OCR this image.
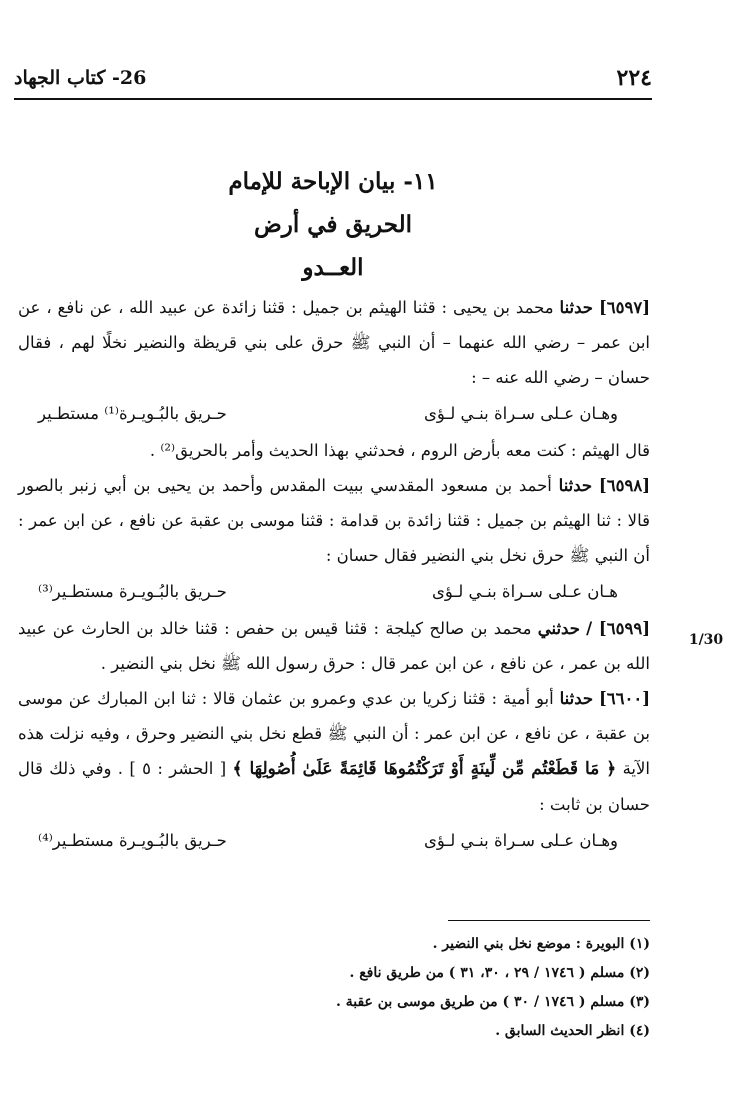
26- كتاب الجهاد	٢٢٤
١١- بيان الإباحة للإمام
الحريق في أرض
العــدو

[٦٥٩٧] حدثنا محمد بن يحيى : قثنا الهيثم بن جميل : قثنا زائدة عن عبيد الله ، عن نافع ، عن ابن عمر – رضي الله عنهما – أن النبي ﷺ حرق على بني قريظة والنضير نخلًا لهم ، فقال حسان – رضي الله عنه – :

وهـان عـلى سـراة بنـي لـؤى
حـريق بالبُـويـرة⁽¹⁾ مستطـير

قال الهيثم : كنت معه بأرض الروم ، فحدثني بهذا الحديث وأمر بالحريق⁽²⁾ .

[٦٥٩٨] حدثنا أحمد بن مسعود المقدسي ببيت المقدس وأحمد بن يحيى بن أبي زنبر بالصور قالا : ثنا الهيثم بن جميل : قثنا زائدة بن قدامة : قثنا موسى بن عقبة عن نافع ، عن ابن عمر : أن النبي ﷺ حرق نخل بني النضير فقال حسان :

هـان عـلى سـراة بنـي لـؤى
حـريق بالبُـويـرة مستطـير⁽³⁾

[٦٥٩٩] / حدثني محمد بن صالح كيلجة : قثنا قيس بن حفص : قثنا خالد بن الحارث عن عبيد الله بن عمر ، عن نافع ، عن ابن عمر قال : حرق رسول الله ﷺ نخل بني النضير .

[٦٦٠٠] حدثنا أبو أمية : قثنا زكريا بن عدي وعمرو بن عثمان قالا : ثنا ابن المبارك عن موسى بن عقبة ، عن نافع ، عن ابن عمر : أن النبي ﷺ قطع نخل بني النضير وحرق ، وفيه نزلت هذه الآية ﴿ مَا قَطَعْتُم مِّن لِّينَةٍ أَوْ تَرَكْتُمُوهَا قَائِمَةً عَلَىٰ أُصُولِهَا ﴾ [ الحشر : ٥ ] . وفي ذلك قال حسان بن ثابت :

وهـان عـلى سـراة بنـي لـؤى
حـريق بالبُـويـرة مستطـير⁽⁴⁾
1/30
(١) البويرة : موضع نخل بني النضير .
(٢) مسلم ( ١٧٤٦ / ٢٩ ، ٣٠، ٣١ ) من طريق نافع .
(٣) مسلم ( ١٧٤٦ / ٣٠ ) من طريق موسى بن عقبة .
(٤) انظر الحديث السابق .
